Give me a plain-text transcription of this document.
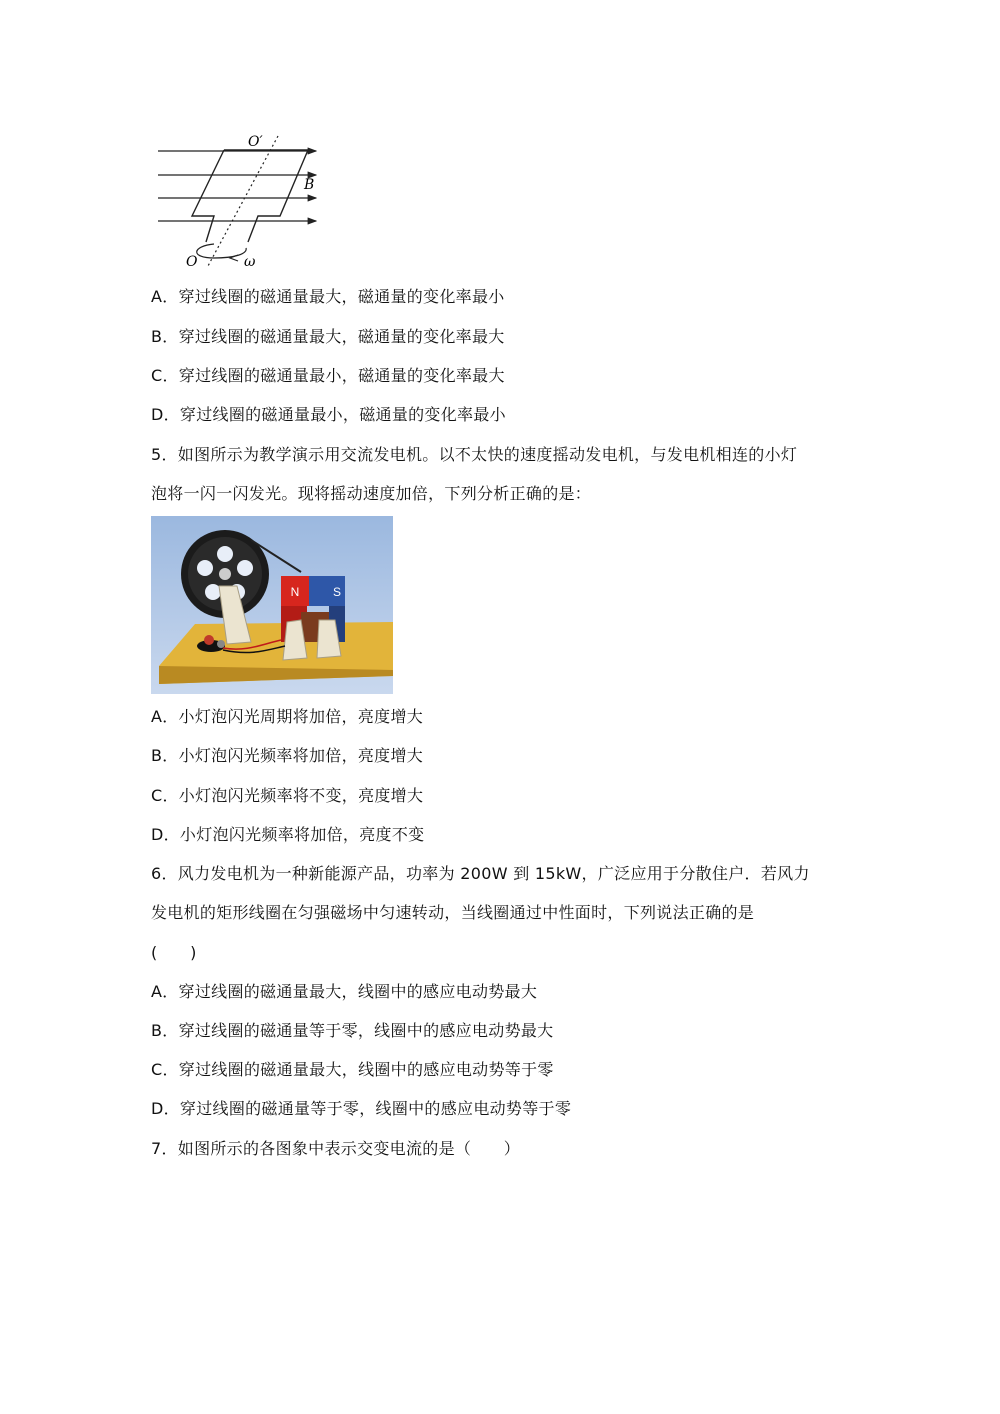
O′
B
O	ω
A．穿过线圈的磁通量最大，磁通量的变化率最小
B．穿过线圈的磁通量最大，磁通量的变化率最大
C．穿过线圈的磁通量最小，磁通量的变化率最大
D．穿过线圈的磁通量最小，磁通量的变化率最小
5．如图所示为教学演示用交流发电机。以不太快的速度摇动发电机，与发电机相连的小灯
泡将一闪一闪发光。现将摇动速度加倍，下列分析正确的是：
N	S
A．小灯泡闪光周期将加倍，亮度增大
B．小灯泡闪光频率将加倍，亮度增大
C．小灯泡闪光频率将不变，亮度增大
D．小灯泡闪光频率将加倍，亮度不变
6．风力发电机为一种新能源产品，功率为 200W 到 15kW，广泛应用于分散住户．若风力
发电机的矩形线圈在匀强磁场中匀速转动，当线圈通过中性面时，下列说法正确的是
(　　)
A．穿过线圈的磁通量最大，线圈中的感应电动势最大
B．穿过线圈的磁通量等于零，线圈中的感应电动势最大
C．穿过线圈的磁通量最大，线圈中的感应电动势等于零
D．穿过线圈的磁通量等于零，线圈中的感应电动势等于零
7．如图所示的各图象中表示交变电流的是（　　）
